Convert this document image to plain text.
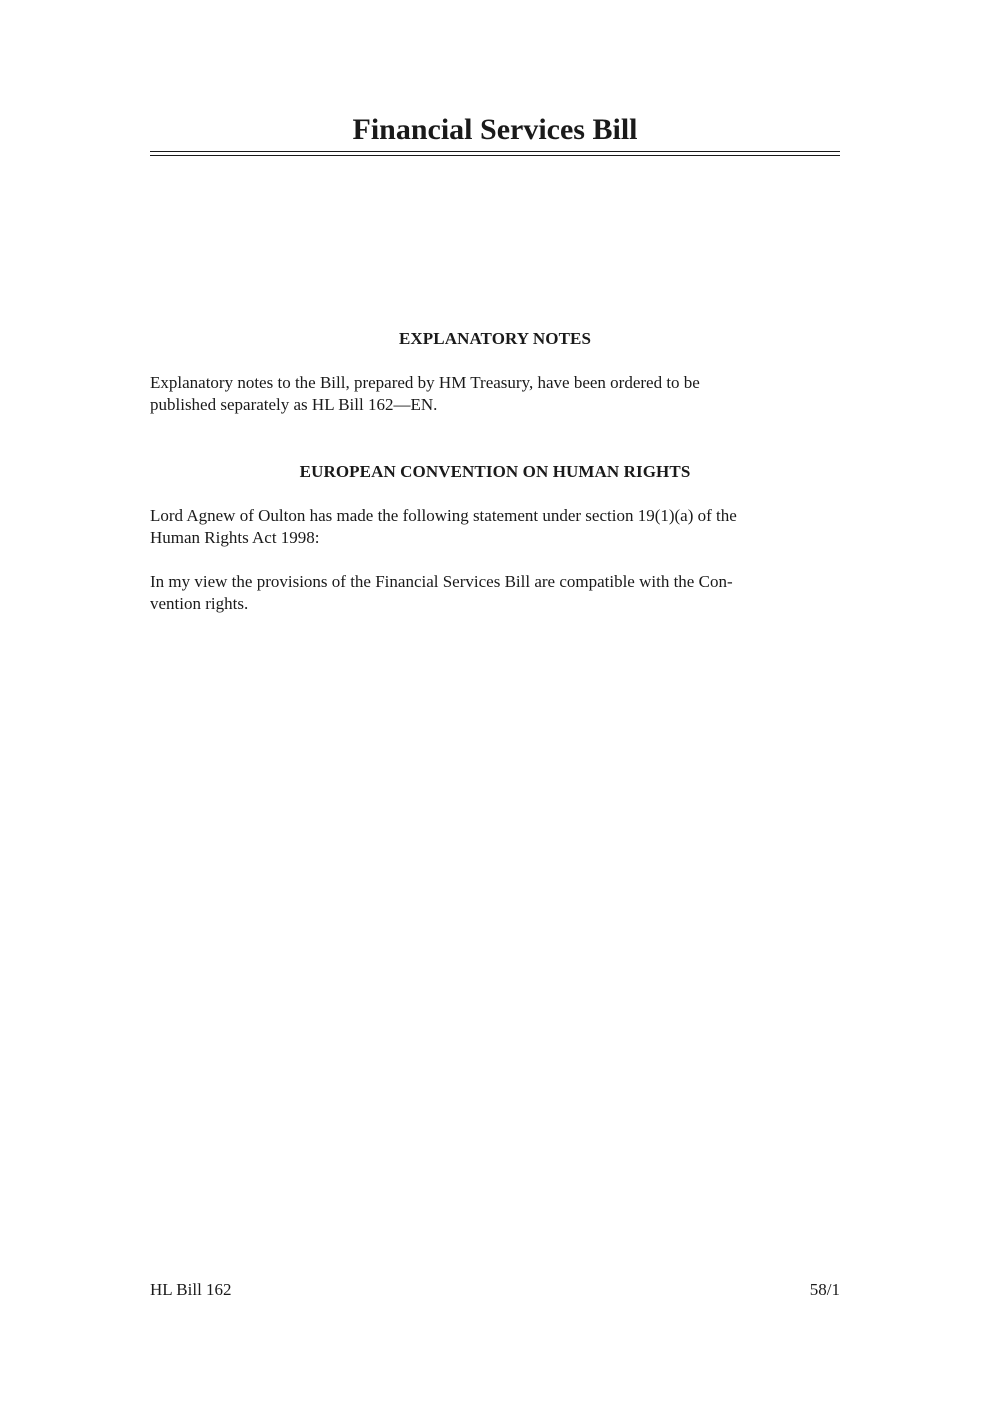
Financial Services Bill
EXPLANATORY NOTES

Explanatory notes to the Bill, prepared by HM Treasury, have been ordered to be
published separately as HL Bill 162—EN.

EUROPEAN CONVENTION ON HUMAN RIGHTS

Lord Agnew of Oulton has made the following statement under section 19(1)(a) of the
Human Rights Act 1998:

In my view the provisions of the Financial Services Bill are compatible with the Con-
vention rights.

HL Bill 162	58/1
